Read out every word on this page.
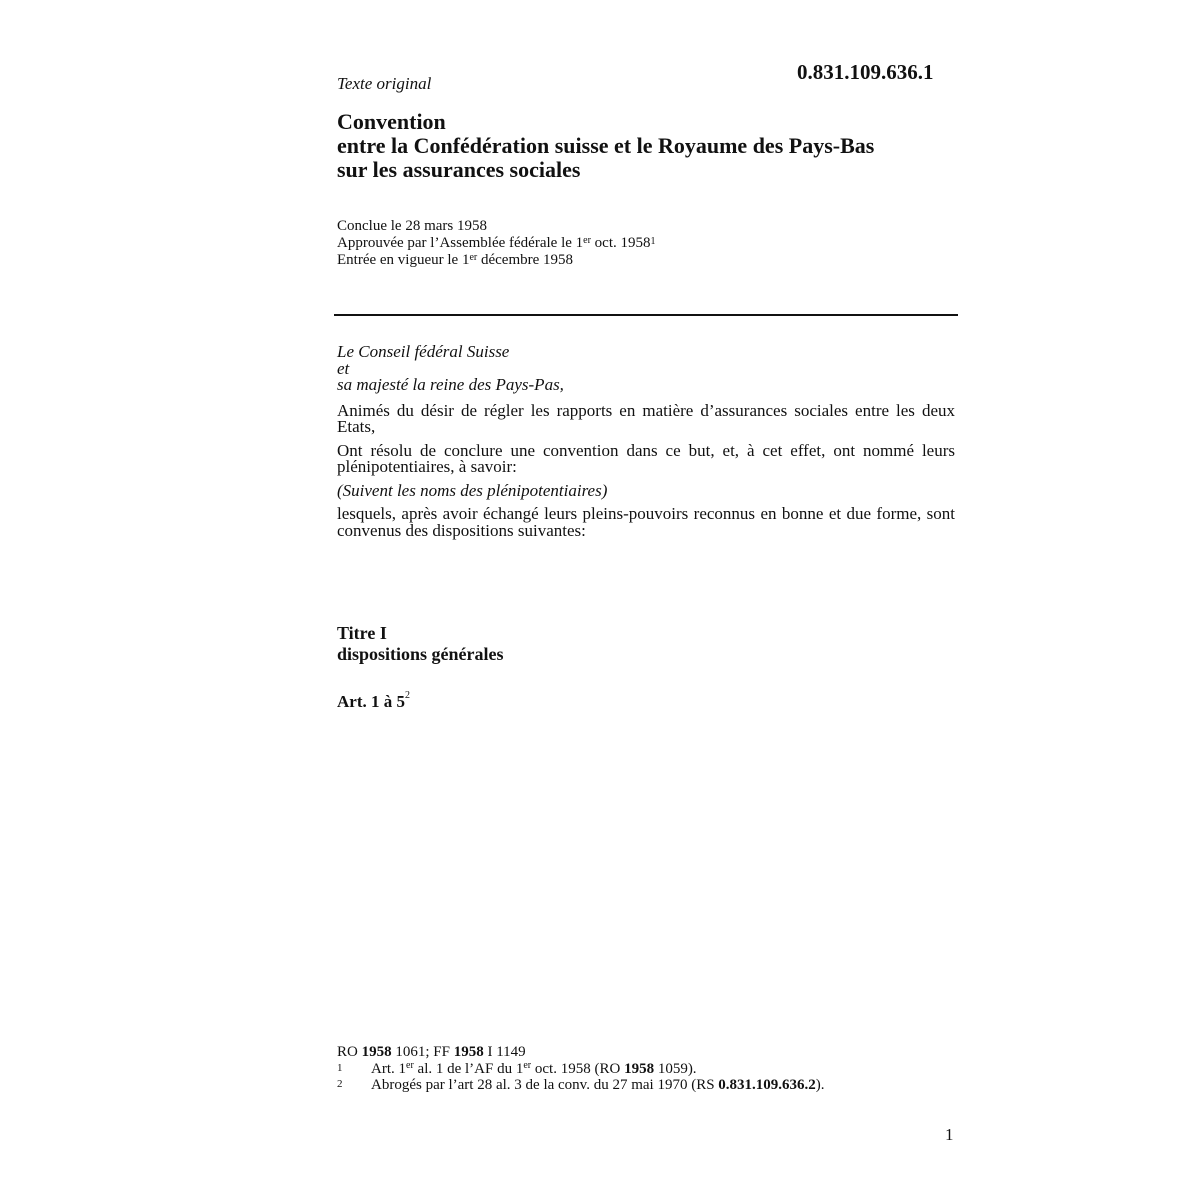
Texte original	0.831.109.636.1
Convention
entre la Confédération suisse et le Royaume des Pays-Bas
sur les assurances sociales
Conclue le 28 mars 1958
Approuvée par l’Assemblée fédérale le 1er oct. 1958$^1$
Entrée en vigueur le 1er décembre 1958

Le Conseil fédéral Suisse

et

sa majesté la reine des Pays-Pas,

Animés du désir de régler les rapports en matière d’assurances sociales entre les deux Etats,

Ont résolu de conclure une convention dans ce but, et, à cet effet, ont nommé leurs plénipotentiaires, à savoir:

(Suivent les noms des plénipotentiaires)

lesquels, après avoir échangé leurs pleins-pouvoirs reconnus en bonne et due forme, sont convenus des dispositions suivantes:

Titre I
dispositions générales
Art. 1 à $5^2$
RO 1958 1061; FF 1958 I 1149
1	Art. 1er al. 1 de l’AF du 1er oct. 1958 (RO 1958 1059).
2	Abrogés par l’art 28 al. 3 de la conv. du 27 mai 1970 (RS 0.831.109.636.2).
1
